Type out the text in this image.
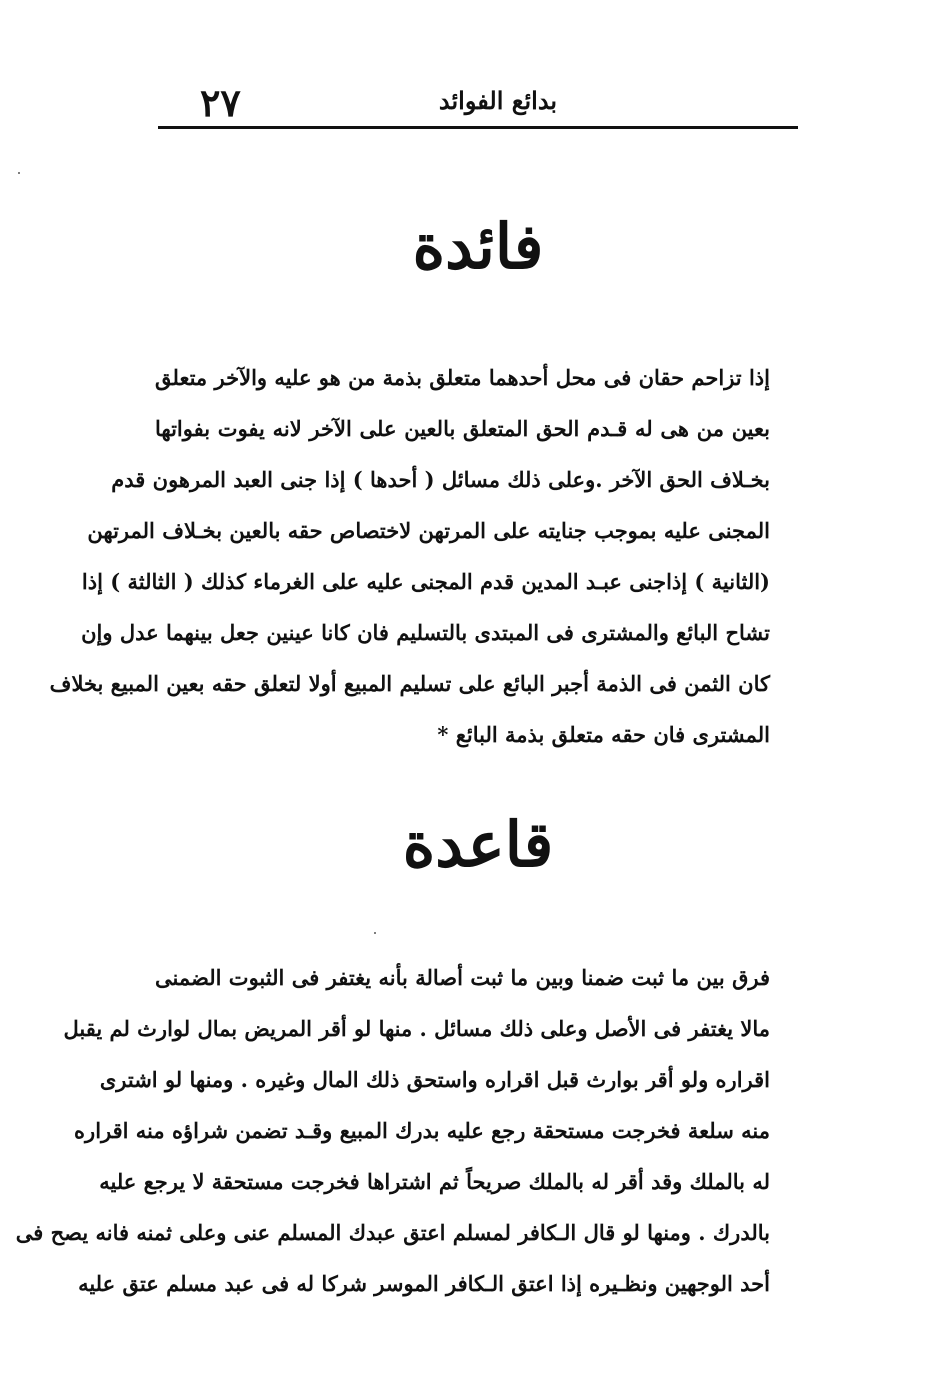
٢٧	بدائع الفوائد
فائدة
إذا تزاحم حقان فى محل أحدهما متعلق بذمة من هو عليه والآخر متعلق
بعين من هى له قـدم الحق المتعلق بالعين على الآخر لانه يفوت بفواتها
بخـلاف الحق الآخر .وعلى ذلك مسائل ( أحدها ) إذا جنى العبد المرهون قدم
المجنى عليه بموجب جنايته على المرتهن لاختصاص حقه بالعين بخـلاف المرتهن
(الثانية ) إذاجنى عبـد المدين قدم المجنى عليه على الغرماء كذلك ( الثالثة ) إذا
تشاح البائع والمشترى فى المبتدى بالتسليم فان كانا عينين جعل بينهما عدل وإن
كان الثمن فى الذمة أجبر البائع على تسليم المبيع أولا لتعلق حقه بعين المبيع بخلاف
المشترى فان حقه متعلق بذمة البائع *
قاعدة
فرق بين ما ثبت ضمنا وبين ما ثبت أصالة بأنه يغتفر فى الثبوت الضمنى
مالا يغتفر فى الأصل وعلى ذلك مسائل . منها لو أقر المريض بمال لوارث لم يقبل
اقراره ولو أقر بوارث قبل اقراره واستحق ذلك المال وغيره . ومنها لو اشترى
منه سلعة فخرجت مستحقة رجع عليه بدرك المبيع وقـد تضمن شراؤه منه اقراره
له بالملك وقد أقر له بالملك صريحاً ثم اشتراها فخرجت مستحقة لا يرجع عليه
بالدرك . ومنها لو قال الـكافر لمسلم اعتق عبدك المسلم عنى وعلى ثمنه فانه يصح فى
أحد الوجهين ونظـيره إذا اعتق الـكافر الموسر شركا له فى عبد مسلم عتق عليه
